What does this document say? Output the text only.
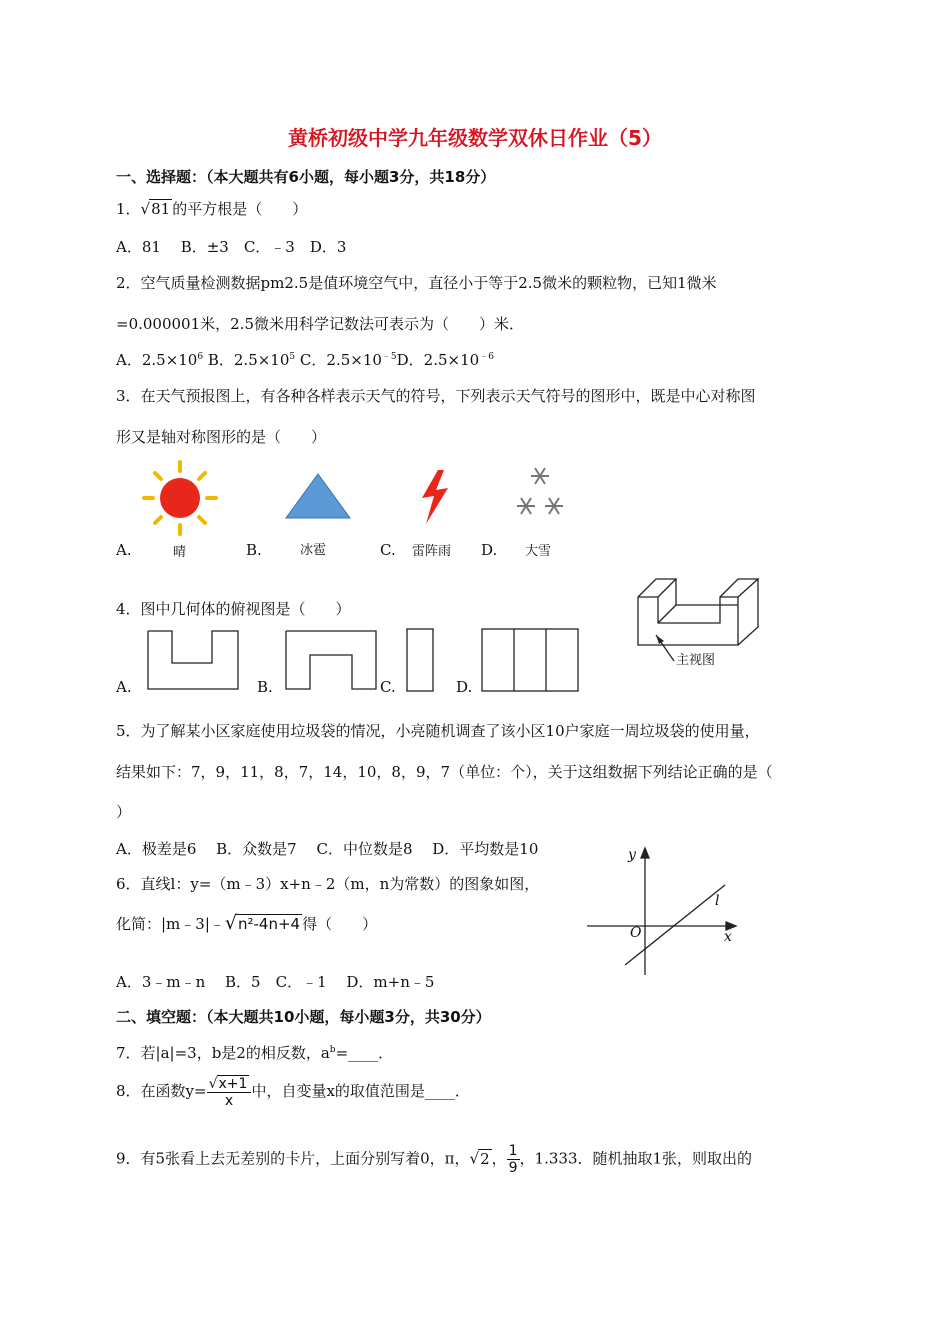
黄桥初级中学九年级数学双休日作业（5）
一、选择题：（本大题共有6小题，每小题3分，共18分）
1．√81 的平方根是（　　）
A．81　 B．±3　C．﹣3　D．3
2．空气质量检测数据pm2.5是值环境空气中，直径小于等于2.5微米的颗粒物，已知1微米
=0.000001米，2.5微米用科学记数法可表示为（　　）米．
A．$2.5\times 10^6$ B．$2.5\times 10^5$ C．$2.5\times 10^{﹣5}D$．$2.5\times 10^{﹣6}$
3．在天气预报图上，有各种各样表示天气的符号，下列表示天气符号的图形中，既是中心对称图
形又是轴对称图形的是（　　）
A.	晴	B.	冰雹	C. 雷阵雨 D. 大雪
4．图中几何体的俯视图是（　　）
A.	B.	C.	D.
主视图
5．为了解某小区家庭使用垃圾袋的情况，小亮随机调查了该小区10户家庭一周垃圾袋的使用量，
结果如下：7，9，11，8，7，14，10，8，9，7（单位：个），关于这组数据下列结论正确的是（
）
A．极差是6　 B．众数是7　 C．中位数是8　 D．平均数是10
6．直线l：y=（m﹣3）x+n﹣2（m，n为常数）的图象如图，
化简：|m﹣3|﹣√n²-4n+4 得（　　）
A．3﹣m﹣n　 B．5　C．﹣1　 D．m+n﹣5
y
x
O
l
二、填空题：（本大题共10小题，每小题3分，共30分）
7．若|a|=3，b是2的相反数，$a^b=\_\_\_\_$．
8．在函数$y= \frac{√x+1}{x}$ 中，自变量x的取值范围是____．
9．有5张看上去无差别的卡片，上面分别写着0，π，√2 ， $\frac{1}{9}$ ，1.333．随机抽取1张，则取出的
